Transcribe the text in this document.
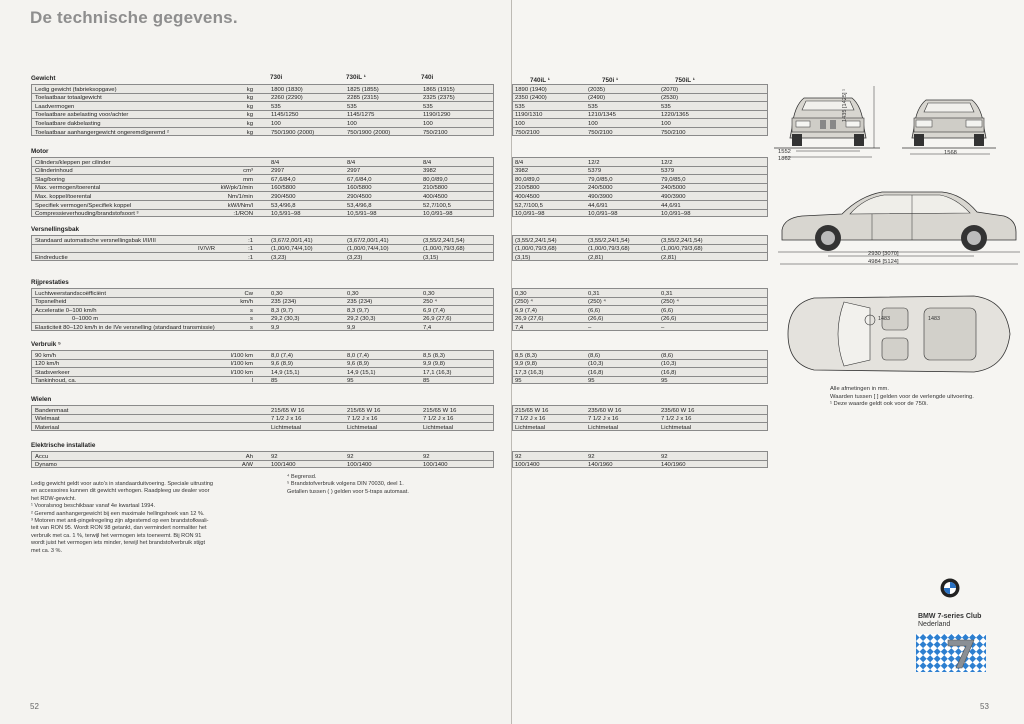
De technische gegevens.
730i	730iL ¹	740i
Gewicht
Ledig gewicht (fabrieksopgave)	kg	1800 (1830)	1825 (1855)	1865 (1915)
Toelaatbaar totaalgewicht	kg	2260 (2290)	2285 (2315)	2325 (2375)
Laadvermogen	kg	535	535	535
Toelaatbare asbelasting voor/achter	kg	1145/1250	1145/1275	1190/1290
Toelaatbare dakbelasting	kg	100	100	100
Toelaatbaar aanhangergewicht ongeremd/geremd ²	kg	750/1900 (2000)	750/1900 (2000)	750/2100
Motor
Cilinders/kleppen per cilinder	8/4	8/4	8/4
Cilinderinhoud	cm³	2997	2997	3982
Slag/boring	mm	67,6/84,0	67,6/84,0	80,0/89,0
Max. vermogen/toerental	kW/pk/1/min	160/5800	160/5800	210/5800
Max. koppel/toerental	Nm/1/min	290/4500	290/4500	400/4500
Specifiek vermogen/Specifiek koppel	kW/l/Nm/l	53,4/96,8	53,4/96,8	52,7/100,5
Compressieverhouding/brandstofsoort ³	:1/RON	10,5/91–98	10,5/91–98	10,0/91–98
Versnellingsbak
Standaard automatische versnellingsbak I/II/III	:1	(3,67/2,00/1,41)	(3,67/2,00/1,41)	(3,55/2,24/1,54)
IV/V/R	:1	(1,00/0,74/4,10)	(1,00/0,74/4,10)	(1,00/0,79/3,68)
Eindreductie	:1	(3,23)	(3,23)	(3,15)
Rijprestaties
Luchtweerstandscoëfficiënt	Cw	0,30	0,30	0,30
Topsnelheid	km/h	235 (234)	235 (234)	250 ⁴
Acceleratie 0–100 km/h	s	8,3 (9,7)	8,3 (9,7)	6,9 (7,4)
0–1000 m	s	29,2 (30,3)	29,2 (30,3)	26,9 (27,6)
Elasticiteit 80–120 km/h in de IVe versnelling (standaard transmissie)	s	9,9	9,9	7,4
Verbruik ⁵
90 km/h	l/100 km	8,0 (7,4)	8,0 (7,4)	8,5 (8,3)
120 km/h	l/100 km	9,6 (8,9)	9,6 (8,9)	9,9 (9,8)
Stadsverkeer	l/100 km	14,9 (15,1)	14,9 (15,1)	17,1 (16,3)
Tankinhoud, ca.	l	85	95	85
Wielen
Bandenmaat	215/65 W 16	215/65 W 16	215/65 W 16
Wielmaat	7 1/2 J x 16	7 1/2 J x 16	7 1/2 J x 16
Materiaal	Lichtmetaal	Lichtmetaal	Lichtmetaal
Elektrische installatie
Accu	Ah	92	92	92
Dynamo	A/W	100/1400	100/1400	100/1400
Ledig gewicht geldt voor auto's in standaarduitvoering. Speciale uitrusting
en accessoires kunnen dit gewicht verhogen. Raadpleeg uw dealer voor
het RDW-gewicht.
¹ Vooralsnog beschikbaar vanaf 4e kwartaal 1994.
² Geremd aanhangergewicht bij een maximale hellingshoek van 12 %.
³ Motoren met anti-pingelregeling zijn afgestemd op een brandstofkwali-
teit van RON 95. Wordt RON 98 getankt, dan vermindert normaliter het
verbruik met ca. 1 %, terwijl het vermogen iets toeneemt. Bij RON 91
wordt juist het vermogen iets minder, terwijl het brandstofverbruik stijgt
met ca. 3 %.
⁴ Begrensd.
⁵ Brandstofverbruik volgens DIN 70030, deel 1.
Getallen tussen ( ) gelden voor 5-traps automaat.
52
740iL ¹	750i ¹	750iL ¹
1890 (1940)	(2035)	(2070)
2350 (2400)	(2490)	(2530)
535	535	535
1190/1310	1210/1345	1220/1365
100	100	100
750/2100	750/2100	750/2100
8/4	12/2	12/2
3982	5379	5379
80,0/89,0	79,0/85,0	79,0/85,0
210/5800	240/5000	240/5000
400/4500	490/3900	490/3900
52,7/100,5	44,6/91	44,6/91
10,0/91–98	10,0/91–98	10,0/91–98
(3,55/2,24/1,54)	(3,55/2,24/1,54)	(3,55/2,24/1,54)
(1,00/0,79/3,68)	(1,00/0,79/3,68)	(1,00/0,79/3,68)
(3,15)	(2,81)	(2,81)
0,30	0,31	0,31
(250) ⁴	(250) ⁴	(250) ⁴
6,9 (7,4)	(6,6)	(6,6)
26,9 (27,6)	(26,6)	(26,6)
7,4	–	–
8,5 (8,3)	(8,6)	(8,6)
9,9 (9,8)	(10,3)	(10,3)
17,3 (16,3)	(16,8)	(16,8)
95	95	95
215/65 W 16	235/60 W 16	235/60 W 16
7 1/2 J x 16	7 1/2 J x 16	7 1/2 J x 16
Lichtmetaal	Lichtmetaal	Lichtmetaal
92	92	92
100/1400	140/1960	140/1960
1435 [1425] ¹
1552
1862
1568
2930 [3070]
4984 [5124]
1483	1483
Alle afmetingen in mm.
Waarden tussen [ ] gelden voor de verlengde uitvoering.
¹ Deze waarde geldt ook voor de 750i.
BMW 7-series Club
Nederland
53
